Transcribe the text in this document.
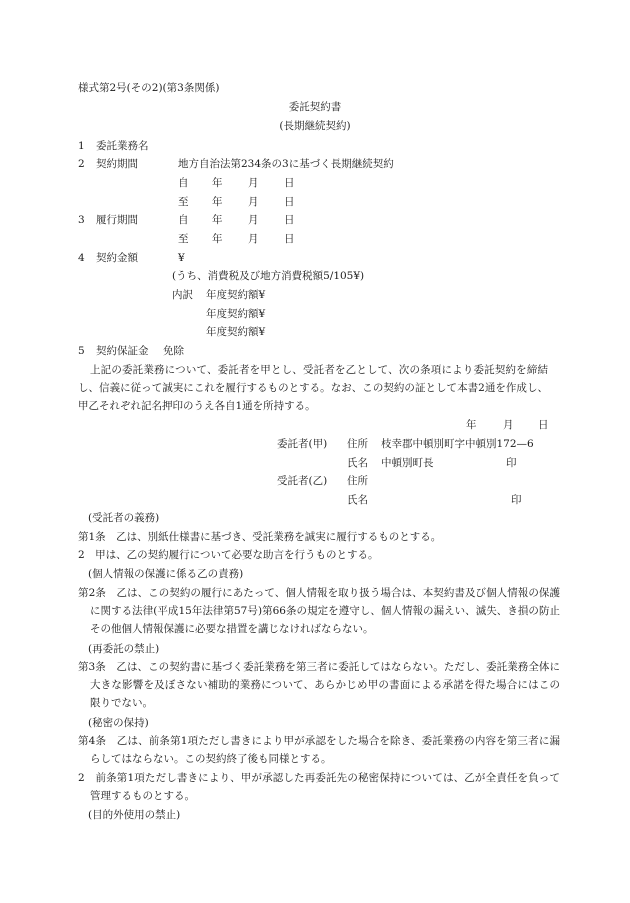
様式第2号(その2)(第3条関係)
委託契約書
(長期継続契約)
1 委託業務名
2 契約期間	地方自治法第234条の3に基づく長期継続契約
自 年 月 日
至 年 月 日
3 履行期間	自 年 月 日
至 年 月 日
4 契約金額	¥
(うち、消費税及び地方消費税額5/105¥)
内訳 年度契約額¥
年度契約額¥
年度契約額¥
5 契約保証金 免除
上記の委託業務について、委託者を甲とし、受託者を乙として、次の条項により委託契約を締結し、信義に従って誠実にこれを履行するものとする。なお、この契約の証として本書2通を作成し、甲乙それぞれ記名押印のうえ各自1通を所持する。
年	月 日
委託者(甲) 住所 枝幸郡中頓別町字中頓別172—6
氏名 中頓別町長	印
受託者(乙) 住所
氏名	印
(受託者の義務)
第1条　乙は、別紙仕様書に基づき、受託業務を誠実に履行するものとする。
2　甲は、乙の契約履行について必要な助言を行うものとする。
(個人情報の保護に係る乙の責務)
第2条　乙は、この契約の履行にあたって、個人情報を取り扱う場合は、本契約書及び個人情報の保護に関する法律(平成15年法律第57号)第66条の規定を遵守し、個人情報の漏えい、滅失、き損の防止その他個人情報保護に必要な措置を講じなければならない。
(再委託の禁止)
第3条　乙は、この契約書に基づく委託業務を第三者に委託してはならない。ただし、委託業務全体に大きな影響を及ぼさない補助的業務について、あらかじめ甲の書面による承諾を得た場合にはこの限りでない。
(秘密の保持)
第4条　乙は、前条第1項ただし書きにより甲が承認をした場合を除き、委託業務の内容を第三者に漏らしてはならない。この契約終了後も同様とする。
2　前条第1項ただし書きにより、甲が承認した再委託先の秘密保持については、乙が全責任を負って管理するものとする。
(目的外使用の禁止)
